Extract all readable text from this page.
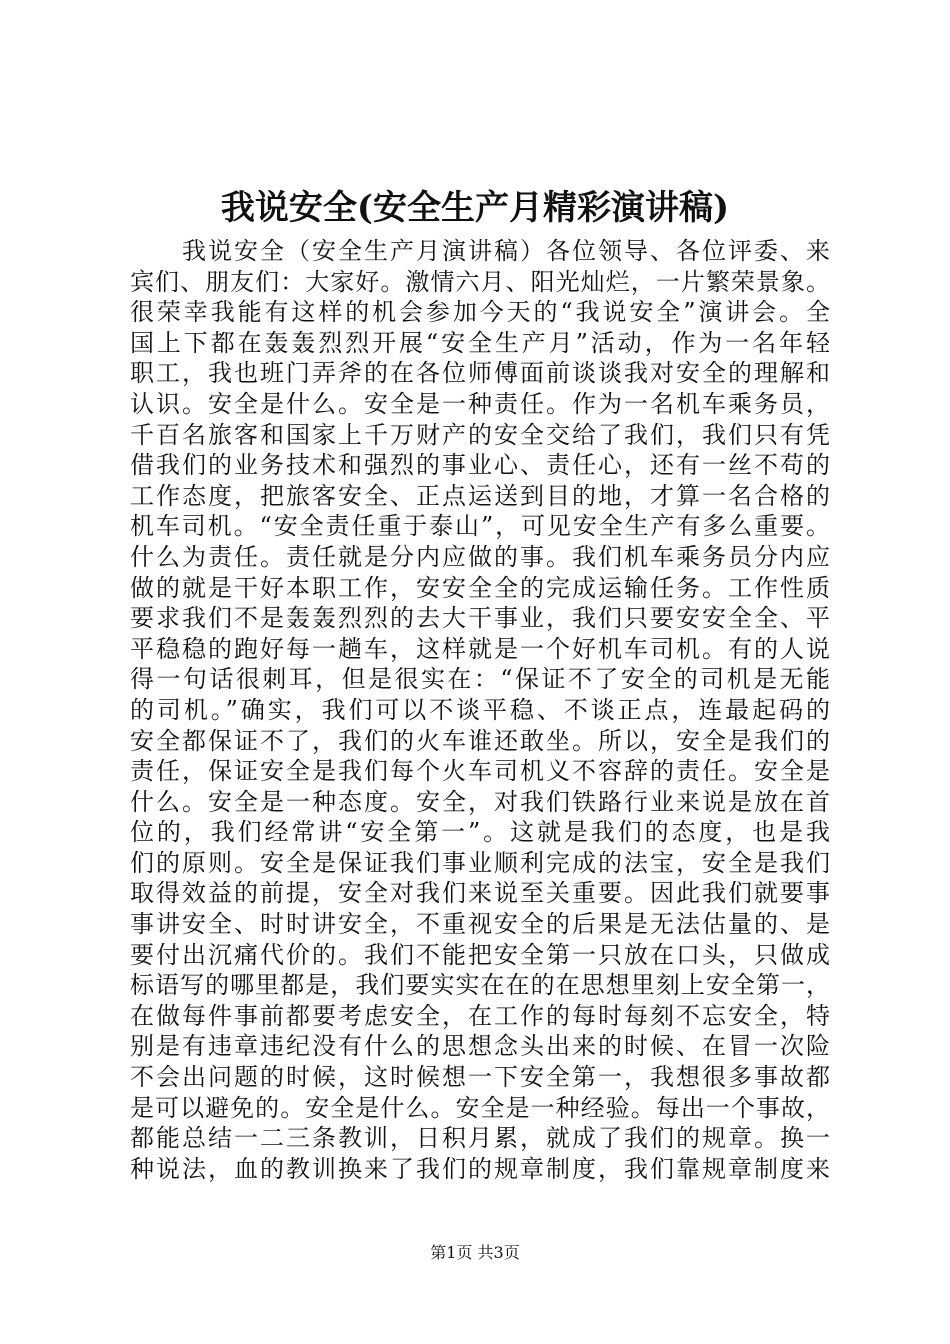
我说安全(安全生产月精彩演讲稿)
我说安全（安全生产月演讲稿）各位领导、各位评委、来
宾们、朋友们：大家好。激情六月、阳光灿烂，一片繁荣景象。
很荣幸我能有这样的机会参加今天的“我说安全”演讲会。全
国上下都在轰轰烈烈开展“安全生产月”活动，作为一名年轻
职工，我也班门弄斧的在各位师傅面前谈谈我对安全的理解和
认识。安全是什么。安全是一种责任。作为一名机车乘务员，
千百名旅客和国家上千万财产的安全交给了我们，我们只有凭
借我们的业务技术和强烈的事业心、责任心，还有一丝不苟的
工作态度，把旅客安全、正点运送到目的地，才算一名合格的
机车司机。“安全责任重于泰山”，可见安全生产有多么重要。
什么为责任。责任就是分内应做的事。我们机车乘务员分内应
做的就是干好本职工作，安安全全的完成运输任务。工作性质
要求我们不是轰轰烈烈的去大干事业，我们只要安安全全、平
平稳稳的跑好每一趟车，这样就是一个好机车司机。有的人说
得一句话很刺耳，但是很实在：“保证不了安全的司机是无能
的司机。”确实，我们可以不谈平稳、不谈正点，连最起码的
安全都保证不了，我们的火车谁还敢坐。所以，安全是我们的
责任，保证安全是我们每个火车司机义不容辞的责任。安全是
什么。安全是一种态度。安全，对我们铁路行业来说是放在首
位的，我们经常讲“安全第一”。这就是我们的态度，也是我
们的原则。安全是保证我们事业顺利完成的法宝，安全是我们
取得效益的前提，安全对我们来说至关重要。因此我们就要事
事讲安全、时时讲安全，不重视安全的后果是无法估量的、是
要付出沉痛代价的。我们不能把安全第一只放在口头，只做成
标语写的哪里都是，我们要实实在在的在思想里刻上安全第一，
在做每件事前都要考虑安全，在工作的每时每刻不忘安全，特
别是有违章违纪没有什么的思想念头出来的时候、在冒一次险
不会出问题的时候，这时候想一下安全第一，我想很多事故都
是可以避免的。安全是什么。安全是一种经验。每出一个事故，
都能总结一二三条教训，日积月累，就成了我们的规章。换一
种说法，血的教训换来了我们的规章制度，我们靠规章制度来
第1页 共3页
